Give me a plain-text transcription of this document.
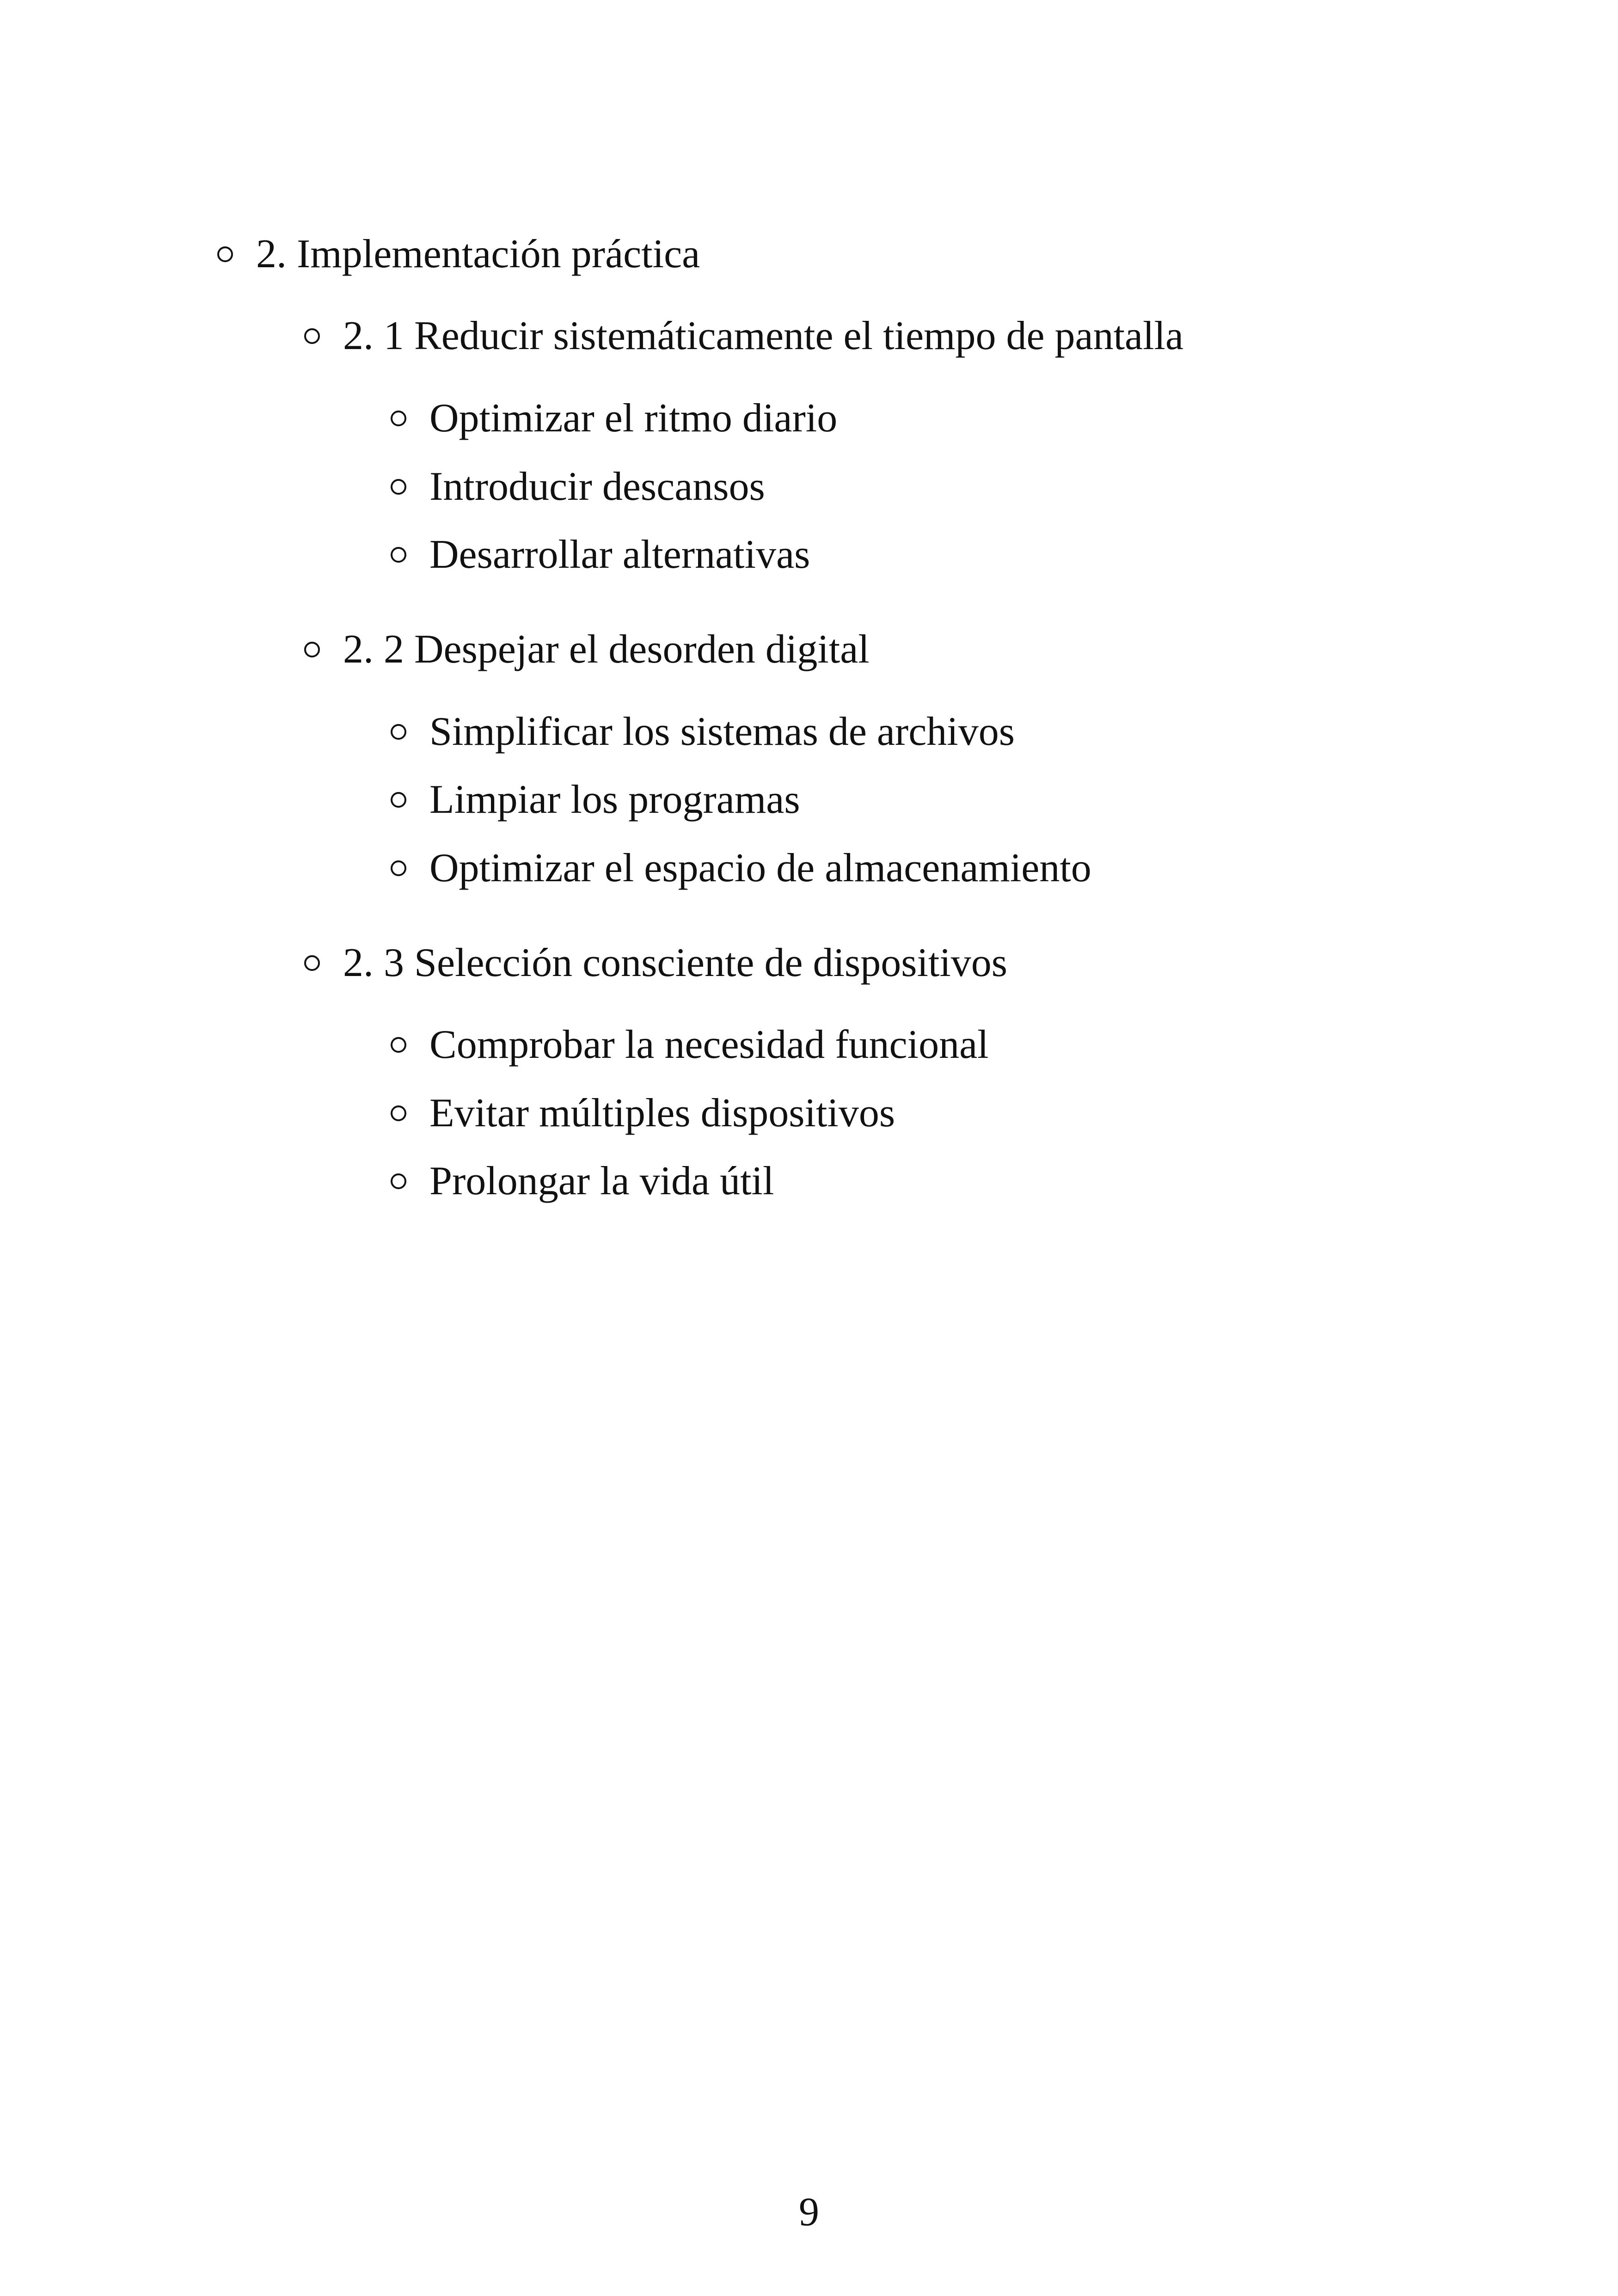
2. Implementación práctica
2. 1 Reducir sistemáticamente el tiempo de pantalla
Optimizar el ritmo diario
Introducir descansos
Desarrollar alternativas
2. 2 Despejar el desorden digital
Simplificar los sistemas de archivos
Limpiar los programas
Optimizar el espacio de almacenamiento
2. 3 Selección consciente de dispositivos
Comprobar la necesidad funcional
Evitar múltiples dispositivos
Prolongar la vida útil
9
